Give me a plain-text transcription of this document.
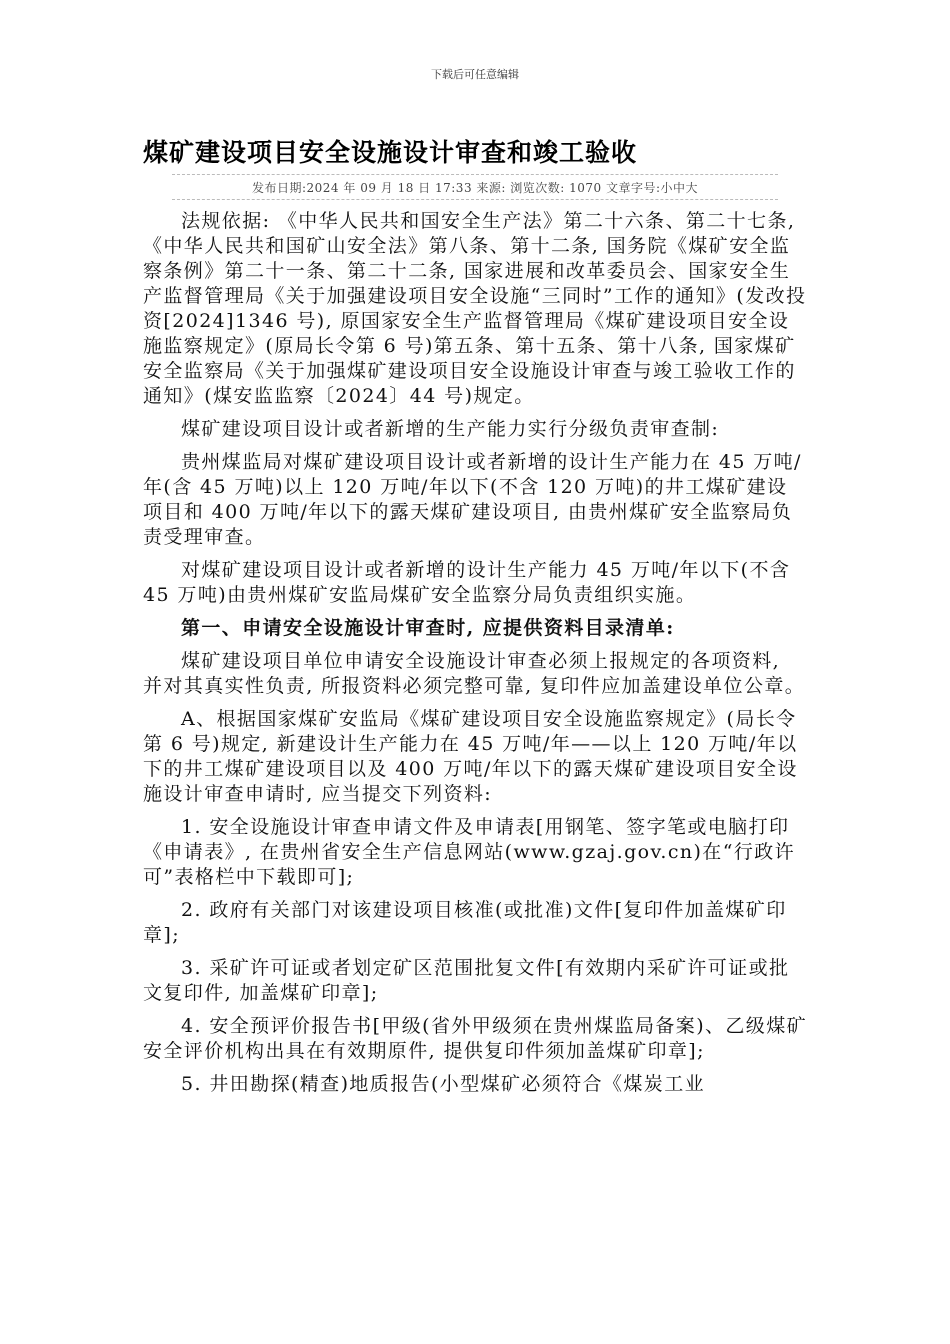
下载后可任意编辑
煤矿建设项目安全设施设计审查和竣工验收
发布日期:2024 年 09 月 18 日 17:33 来源: 浏览次数: 1070 文章字号:小中大

法规依据: 《中华人民共和国安全生产法》第二十六条、第二十七条, 《中华人民共和国矿山安全法》第八条、第十二条, 国务院《煤矿安全监察条例》第二十一条、第二十二条, 国家进展和改革委员会、国家安全生产监督管理局《关于加强建设项目安全设施“三同时”工作的通知》(发改投资[2024]1346 号), 原国家安全生产监督管理局《煤矿建设项目安全设施监察规定》(原局长令第 6 号)第五条、第十五条、第十八条, 国家煤矿安全监察局《关于加强煤矿建设项目安全设施设计审查与竣工验收工作的通知》(煤安监监察〔2024〕44 号)规定。

煤矿建设项目设计或者新增的生产能力实行分级负责审查制:

贵州煤监局对煤矿建设项目设计或者新增的设计生产能力在 45 万吨/年(含 45 万吨)以上 120 万吨/年以下(不含 120 万吨)的井工煤矿建设项目和 400 万吨/年以下的露天煤矿建设项目, 由贵州煤矿安全监察局负责受理审查。

对煤矿建设项目设计或者新增的设计生产能力 45 万吨/年以下(不含 45 万吨)由贵州煤矿安监局煤矿安全监察分局负责组织实施。

第一、申请安全设施设计审查时, 应提供资料目录清单:

煤矿建设项目单位申请安全设施设计审查必须上报规定的各项资料, 并对其真实性负责, 所报资料必须完整可靠, 复印件应加盖建设单位公章。

A、根据国家煤矿安监局《煤矿建设项目安全设施监察规定》(局长令第 6 号)规定, 新建设计生产能力在 45 万吨/年——以上 120 万吨/年以下的井工煤矿建设项目以及 400 万吨/年以下的露天煤矿建设项目安全设施设计审查申请时, 应当提交下列资料:

1. 安全设施设计审查申请文件及申请表[用钢笔、签字笔或电脑打印《申请表》, 在贵州省安全生产信息网站(www.gzaj.gov.cn)在“行政许可”表格栏中下载即可];

2. 政府有关部门对该建设项目核准(或批准)文件[复印件加盖煤矿印章];

3. 采矿许可证或者划定矿区范围批复文件[有效期内采矿许可证或批文复印件, 加盖煤矿印章];

4. 安全预评价报告书[甲级(省外甲级须在贵州煤监局备案)、乙级煤矿安全评价机构出具在有效期原件, 提供复印件须加盖煤矿印章];

5. 井田勘探(精查)地质报告(小型煤矿必须符合《煤炭工业
